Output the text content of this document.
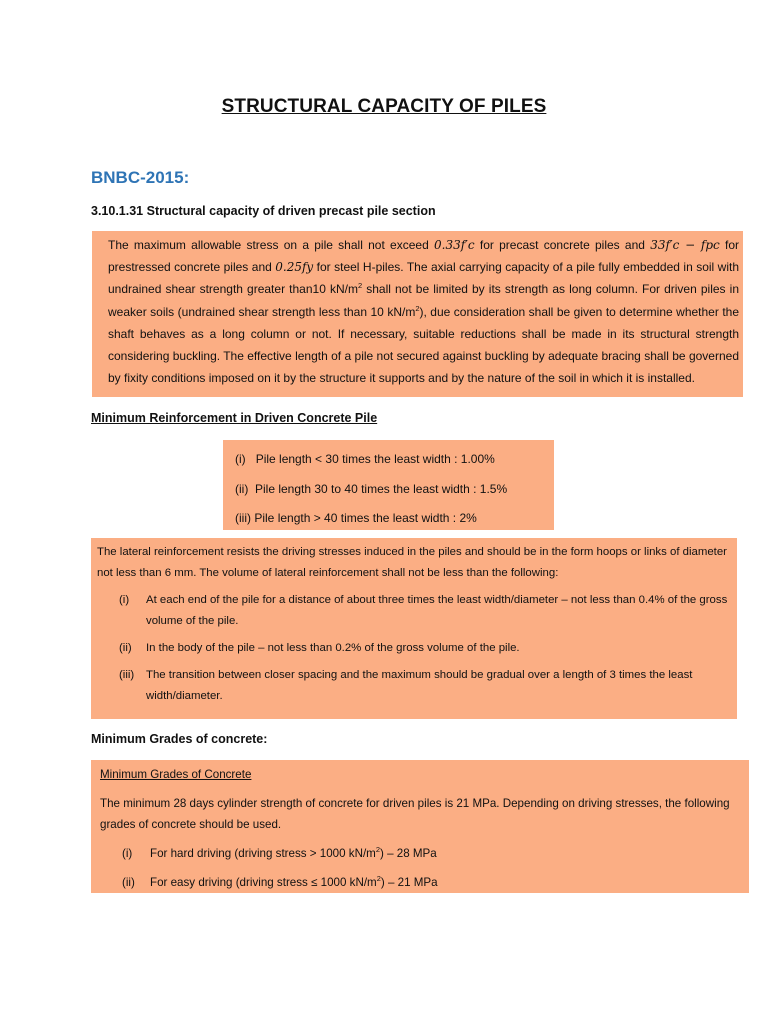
STRUCTURAL CAPACITY OF PILES
BNBC-2015:
3.10.1.31 Structural capacity of driven precast pile section

The maximum allowable stress on a pile shall not exceed 0.33f′c for precast concrete piles and 33f′c − fpc for prestressed concrete piles and 0.25fy for steel H-piles. The axial carrying capacity of a pile fully embedded in soil with undrained shear strength greater than10 $kN/m^2$ shall not be limited by its strength as long column. For driven piles in weaker soils (undrained shear strength less than 10 $kN/m^2$), due consideration shall be given to determine whether the shaft behaves as a long column or not. If necessary, suitable reductions shall be made in its structural strength considering buckling. The effective length of a pile not secured against buckling by adequate bracing shall be governed by fixity conditions imposed on it by the structure it supports and by the nature of the soil in which it is installed.

Minimum Reinforcement in Driven Concrete Pile
(i) Pile length < 30 times the least width : 1.00%
(ii) Pile length 30 to 40 times the least width : 1.5%
(iii) Pile length > 40 times the least width : 2%

The lateral reinforcement resists the driving stresses induced in the piles and should be in the form hoops or links of diameter not less than 6 mm. The volume of lateral reinforcement shall not be less than the following:

(i)	At each end of the pile for a distance of about three times the least width/diameter – not less than 0.4% of the gross volume of the pile.
(ii)	In the body of the pile – not less than 0.2% of the gross volume of the pile.
(iii)	The transition between closer spacing and the maximum should be gradual over a length of 3 times the least width/diameter.
Minimum Grades of concrete:
Minimum Grades of Concrete

The minimum 28 days cylinder strength of concrete for driven piles is 21 MPa. Depending on driving stresses, the following grades of concrete should be used.

(i)	For hard driving (driving stress > 1000 $kN/m^2) - 28$ MPa
(ii)	For easy driving (driving stress ≤ 1000 $kN/m^2) - 21$ MPa
